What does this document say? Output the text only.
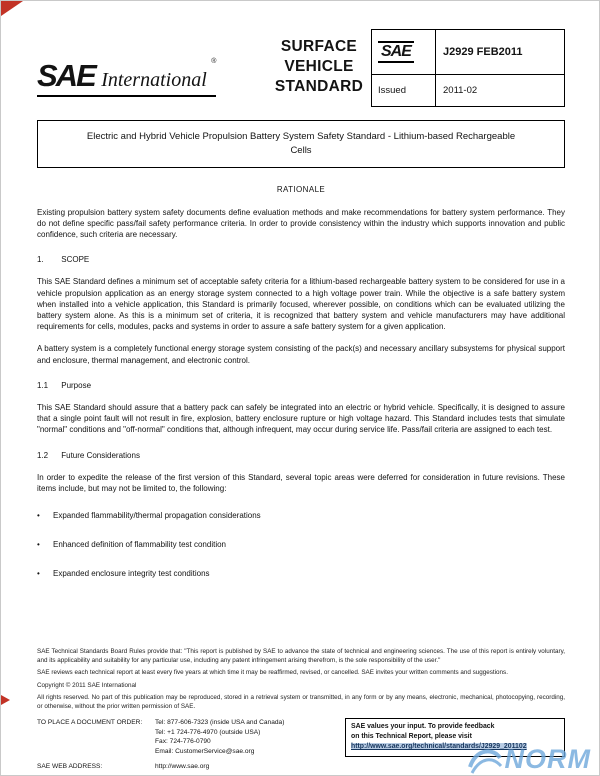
SAE International ®
SURFACE
VEHICLE
STANDARD
SAE	J2929 FEB2011
Issued	2011-02
Electric and Hybrid Vehicle Propulsion Battery System Safety Standard - Lithium-based Rechargeable Cells
RATIONALE

Existing propulsion battery system safety documents define evaluation methods and make recommendations for battery system performance. They do not define specific pass/fail safety performance criteria. In order to provide consistency within the industry which supports innovation and public confidence, such criteria are necessary.

1. SCOPE

This SAE Standard defines a minimum set of acceptable safety criteria for a lithium-based rechargeable battery system to be considered for use in a vehicle propulsion application as an energy storage system connected to a high voltage power train. While the objective is a safe battery system when installed into a vehicle application, this Standard is primarily focused, wherever possible, on conditions which can be evaluated utilizing the battery system alone. As this is a minimum set of criteria, it is recognized that battery system and vehicle manufacturers may have additional requirements for cells, modules, packs and systems in order to assure a safe battery system for a given application.

A battery system is a completely functional energy storage system consisting of the pack(s) and necessary ancillary subsystems for physical support and enclosure, thermal management, and electronic control.

1.1 Purpose

This SAE Standard should assure that a battery pack can safely be integrated into an electric or hybrid vehicle. Specifically, it is designed to assure that a single point fault will not result in fire, explosion, battery enclosure rupture or high voltage hazard. This Standard includes tests that simulate "normal" conditions and "off-normal" conditions that, although infrequent, may occur during service life. Pass/fail criteria are assigned to each test.

1.2 Future Considerations

In order to expedite the release of the first version of this Standard, several topic areas were deferred for consideration in future revisions. These items include, but may not be limited to, the following:

•	Expanded flammability/thermal propagation considerations
•	Enhanced definition of flammability test condition
•	Expanded enclosure integrity test conditions

SAE Technical Standards Board Rules provide that: "This report is published by SAE to advance the state of technical and engineering sciences. The use of this report is entirely voluntary, and its applicability and suitability for any particular use, including any patent infringement arising therefrom, is the sole responsibility of the user."

SAE reviews each technical report at least every five years at which time it may be reaffirmed, revised, or cancelled. SAE invites your written comments and suggestions.

Copyright © 2011 SAE International

All rights reserved. No part of this publication may be reproduced, stored in a retrieval system or transmitted, in any form or by any means, electronic, mechanical, photocopying, recording, or otherwise, without the prior written permission of SAE.

TO PLACE A DOCUMENT ORDER:	Tel: 877-606-7323 (inside USA and Canada)
Tel: +1 724-776-4970 (outside USA)
Fax: 724-776-0790
Email: CustomerService@sae.org
SAE values your input. To provide feedback
on this Technical Report, please visit
http://www.sae.org/technical/standards/J2929_201102
SAE WEB ADDRESS:	http://www.sae.org	NORM
